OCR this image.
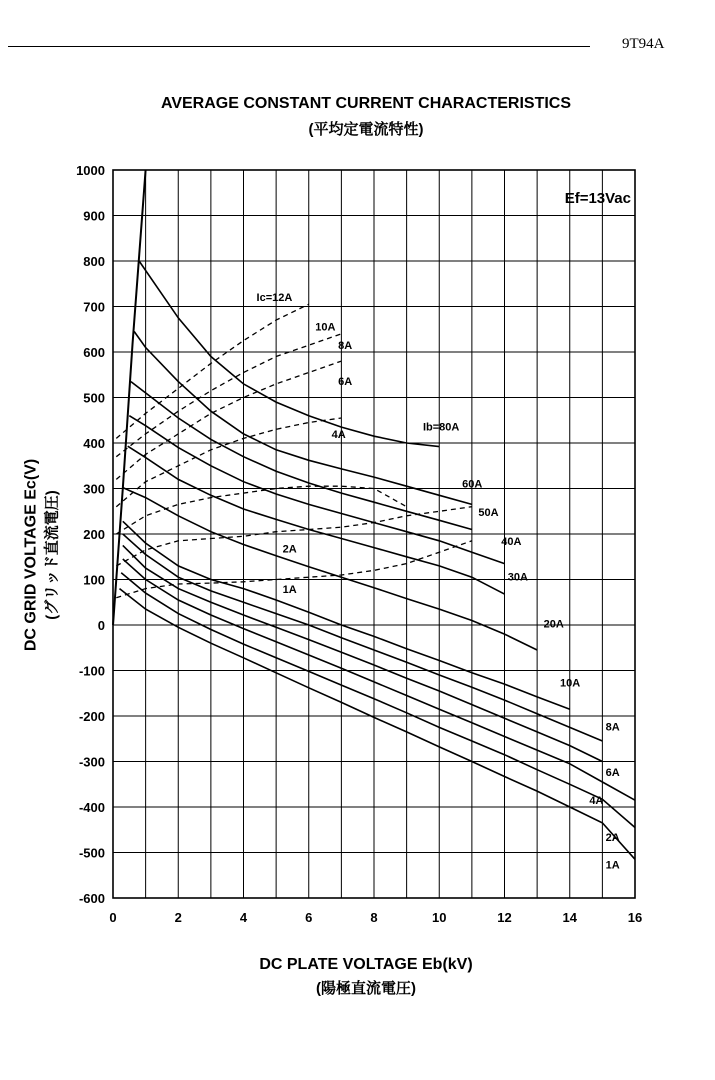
9T94A
AVERAGE CONSTANT CURRENT CHARACTERISTICS
(平均定電流特性)
DC GRID VOLTAGE Ec(V) (グリッド直流電圧)
DC PLATE VOLTAGE Eb(kV)
(陽極直流電圧)
1000
900
800
700
600
500
400
300
200
100
0
-100
-200
-300
-400
-500
-600
0	2	4	6	8	10	12	14	16
Ef=13Vac
Ic=12A
10A
8A
6A
4A
2A
1A
Ib=80A
60A
50A
40A
30A
20A
10A
8A
6A
4A
2A
1A
